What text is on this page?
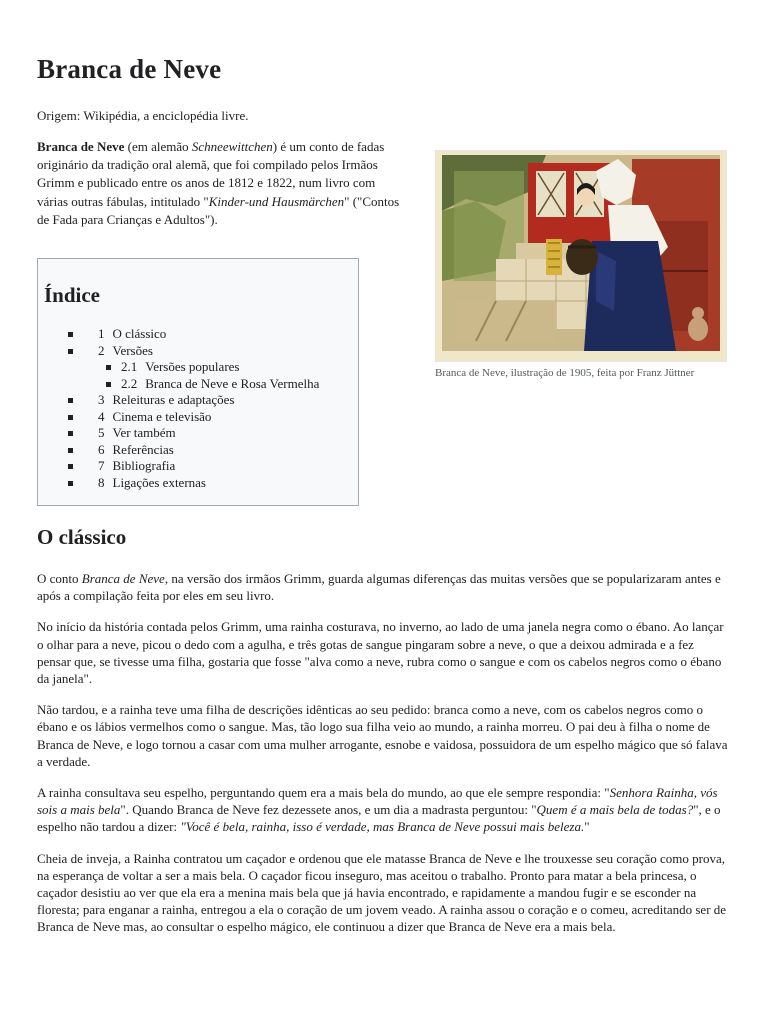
Branca de Neve
Origem: Wikipédia, a enciclopédia livre.
Branca de Neve (em alemão Schneewittchen) é um conto de fadas originário da tradição oral alemã, que foi compilado pelos Irmãos Grimm e publicado entre os anos de 1812 e 1822, num livro com várias outras fábulas, intitulado "Kinder-und Hausmärchen" ("Contos de Fada para Crianças e Adultos").
Branca de Neve, ilustração de 1905, feita por Franz Jüttner
Índice
1 O clássico
2 Versões
2.1 Versões populares
2.2 Branca de Neve e Rosa Vermelha
3 Releituras e adaptações
4 Cinema e televisão
5 Ver também
6 Referências
7 Bibliografia
8 Ligações externas
O clássico

O conto Branca de Neve, na versão dos irmãos Grimm, guarda algumas diferenças das muitas versões que se popularizaram antes e após a compilação feita por eles em seu livro.

No início da história contada pelos Grimm, uma rainha costurava, no inverno, ao lado de uma janela negra como o ébano. Ao lançar o olhar para a neve, picou o dedo com a agulha, e três gotas de sangue pingaram sobre a neve, o que a deixou admirada e a fez pensar que, se tivesse uma filha, gostaria que fosse "alva como a neve, rubra como o sangue e com os cabelos negros como o ébano da janela".

Não tardou, e a rainha teve uma filha de descrições idênticas ao seu pedido: branca como a neve, com os cabelos negros como o ébano e os lábios vermelhos como o sangue. Mas, tão logo sua filha veio ao mundo, a rainha morreu. O pai deu à filha o nome de Branca de Neve, e logo tornou a casar com uma mulher arrogante, esnobe e vaidosa, possuidora de um espelho mágico que só falava a verdade.

A rainha consultava seu espelho, perguntando quem era a mais bela do mundo, ao que ele sempre respondia: "Senhora Rainha, vós sois a mais bela". Quando Branca de Neve fez dezessete anos, e um dia a madrasta perguntou: "Quem é a mais bela de todas?", e o espelho não tardou a dizer: "Você é bela, rainha, isso é verdade, mas Branca de Neve possui mais beleza."

Cheia de inveja, a Rainha contratou um caçador e ordenou que ele matasse Branca de Neve e lhe trouxesse seu coração como prova, na esperança de voltar a ser a mais bela. O caçador ficou inseguro, mas aceitou o trabalho. Pronto para matar a bela princesa, o caçador desistiu ao ver que ela era a menina mais bela que já havia encontrado, e rapidamente a mandou fugir e se esconder na floresta; para enganar a rainha, entregou a ela o coração de um jovem veado. A rainha assou o coração e o comeu, acreditando ser de Branca de Neve mas, ao consultar o espelho mágico, ele continuou a dizer que Branca de Neve era a mais bela.
